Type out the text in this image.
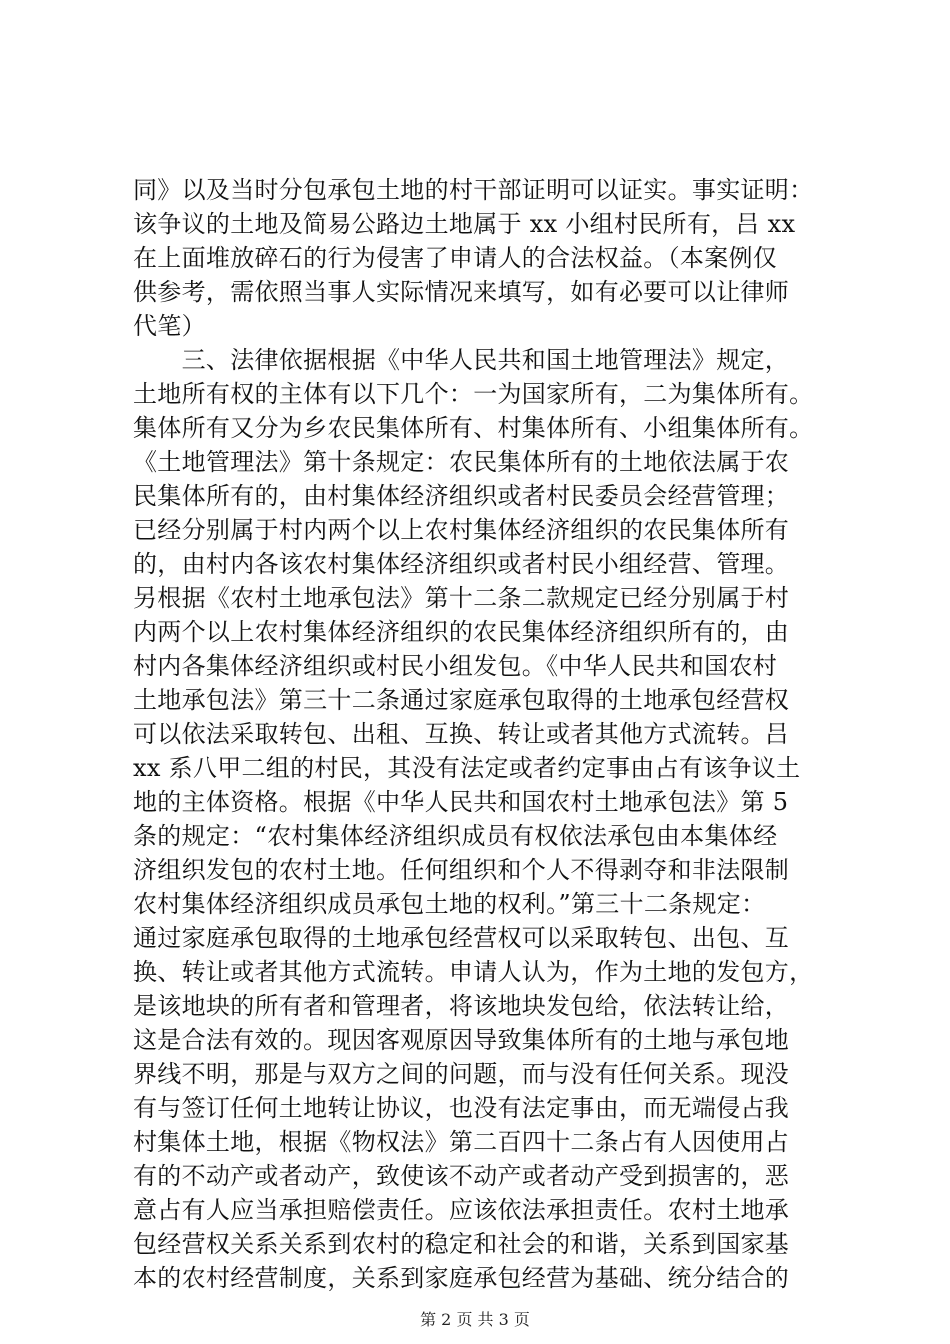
同》以及当时分包承包土地的村干部证明可以证实。事实证明：
该争议的土地及简易公路边土地属于 xx 小组村民所有，吕 xx
在上面堆放碎石的行为侵害了申请人的合法权益。（本案例仅
供参考，需依照当事人实际情况来填写，如有必要可以让律师
代笔）
　　三、法律依据根据《中华人民共和国土地管理法》规定，
土地所有权的主体有以下几个：一为国家所有，二为集体所有。
集体所有又分为乡农民集体所有、村集体所有、小组集体所有。
《土地管理法》第十条规定：农民集体所有的土地依法属于农
民集体所有的，由村集体经济组织或者村民委员会经营管理；
已经分别属于村内两个以上农村集体经济组织的农民集体所有
的，由村内各该农村集体经济组织或者村民小组经营、管理。
另根据《农村土地承包法》第十二条二款规定已经分别属于村
内两个以上农村集体经济组织的农民集体经济组织所有的，由
村内各集体经济组织或村民小组发包。《中华人民共和国农村
土地承包法》第三十二条通过家庭承包取得的土地承包经营权
可以依法采取转包、出租、互换、转让或者其他方式流转。吕
xx 系八甲二组的村民，其没有法定或者约定事由占有该争议土
地的主体资格。根据《中华人民共和国农村土地承包法》第 5
条的规定：“农村集体经济组织成员有权依法承包由本集体经
济组织发包的农村土地。任何组织和个人不得剥夺和非法限制
农村集体经济组织成员承包土地的权利。”第三十二条规定：
通过家庭承包取得的土地承包经营权可以采取转包、出包、互
换、转让或者其他方式流转。申请人认为，作为土地的发包方，
是该地块的所有者和管理者，将该地块发包给，依法转让给，
这是合法有效的。现因客观原因导致集体所有的土地与承包地
界线不明，那是与双方之间的问题，而与没有任何关系。现没
有与签订任何土地转让协议，也没有法定事由，而无端侵占我
村集体土地，根据《物权法》第二百四十二条占有人因使用占
有的不动产或者动产，致使该不动产或者动产受到损害的，恶
意占有人应当承担赔偿责任。应该依法承担责任。农村土地承
包经营权关系关系到农村的稳定和社会的和谐，关系到国家基
本的农村经营制度，关系到家庭承包经营为基础、统分结合的
第 2 页 共 3 页
